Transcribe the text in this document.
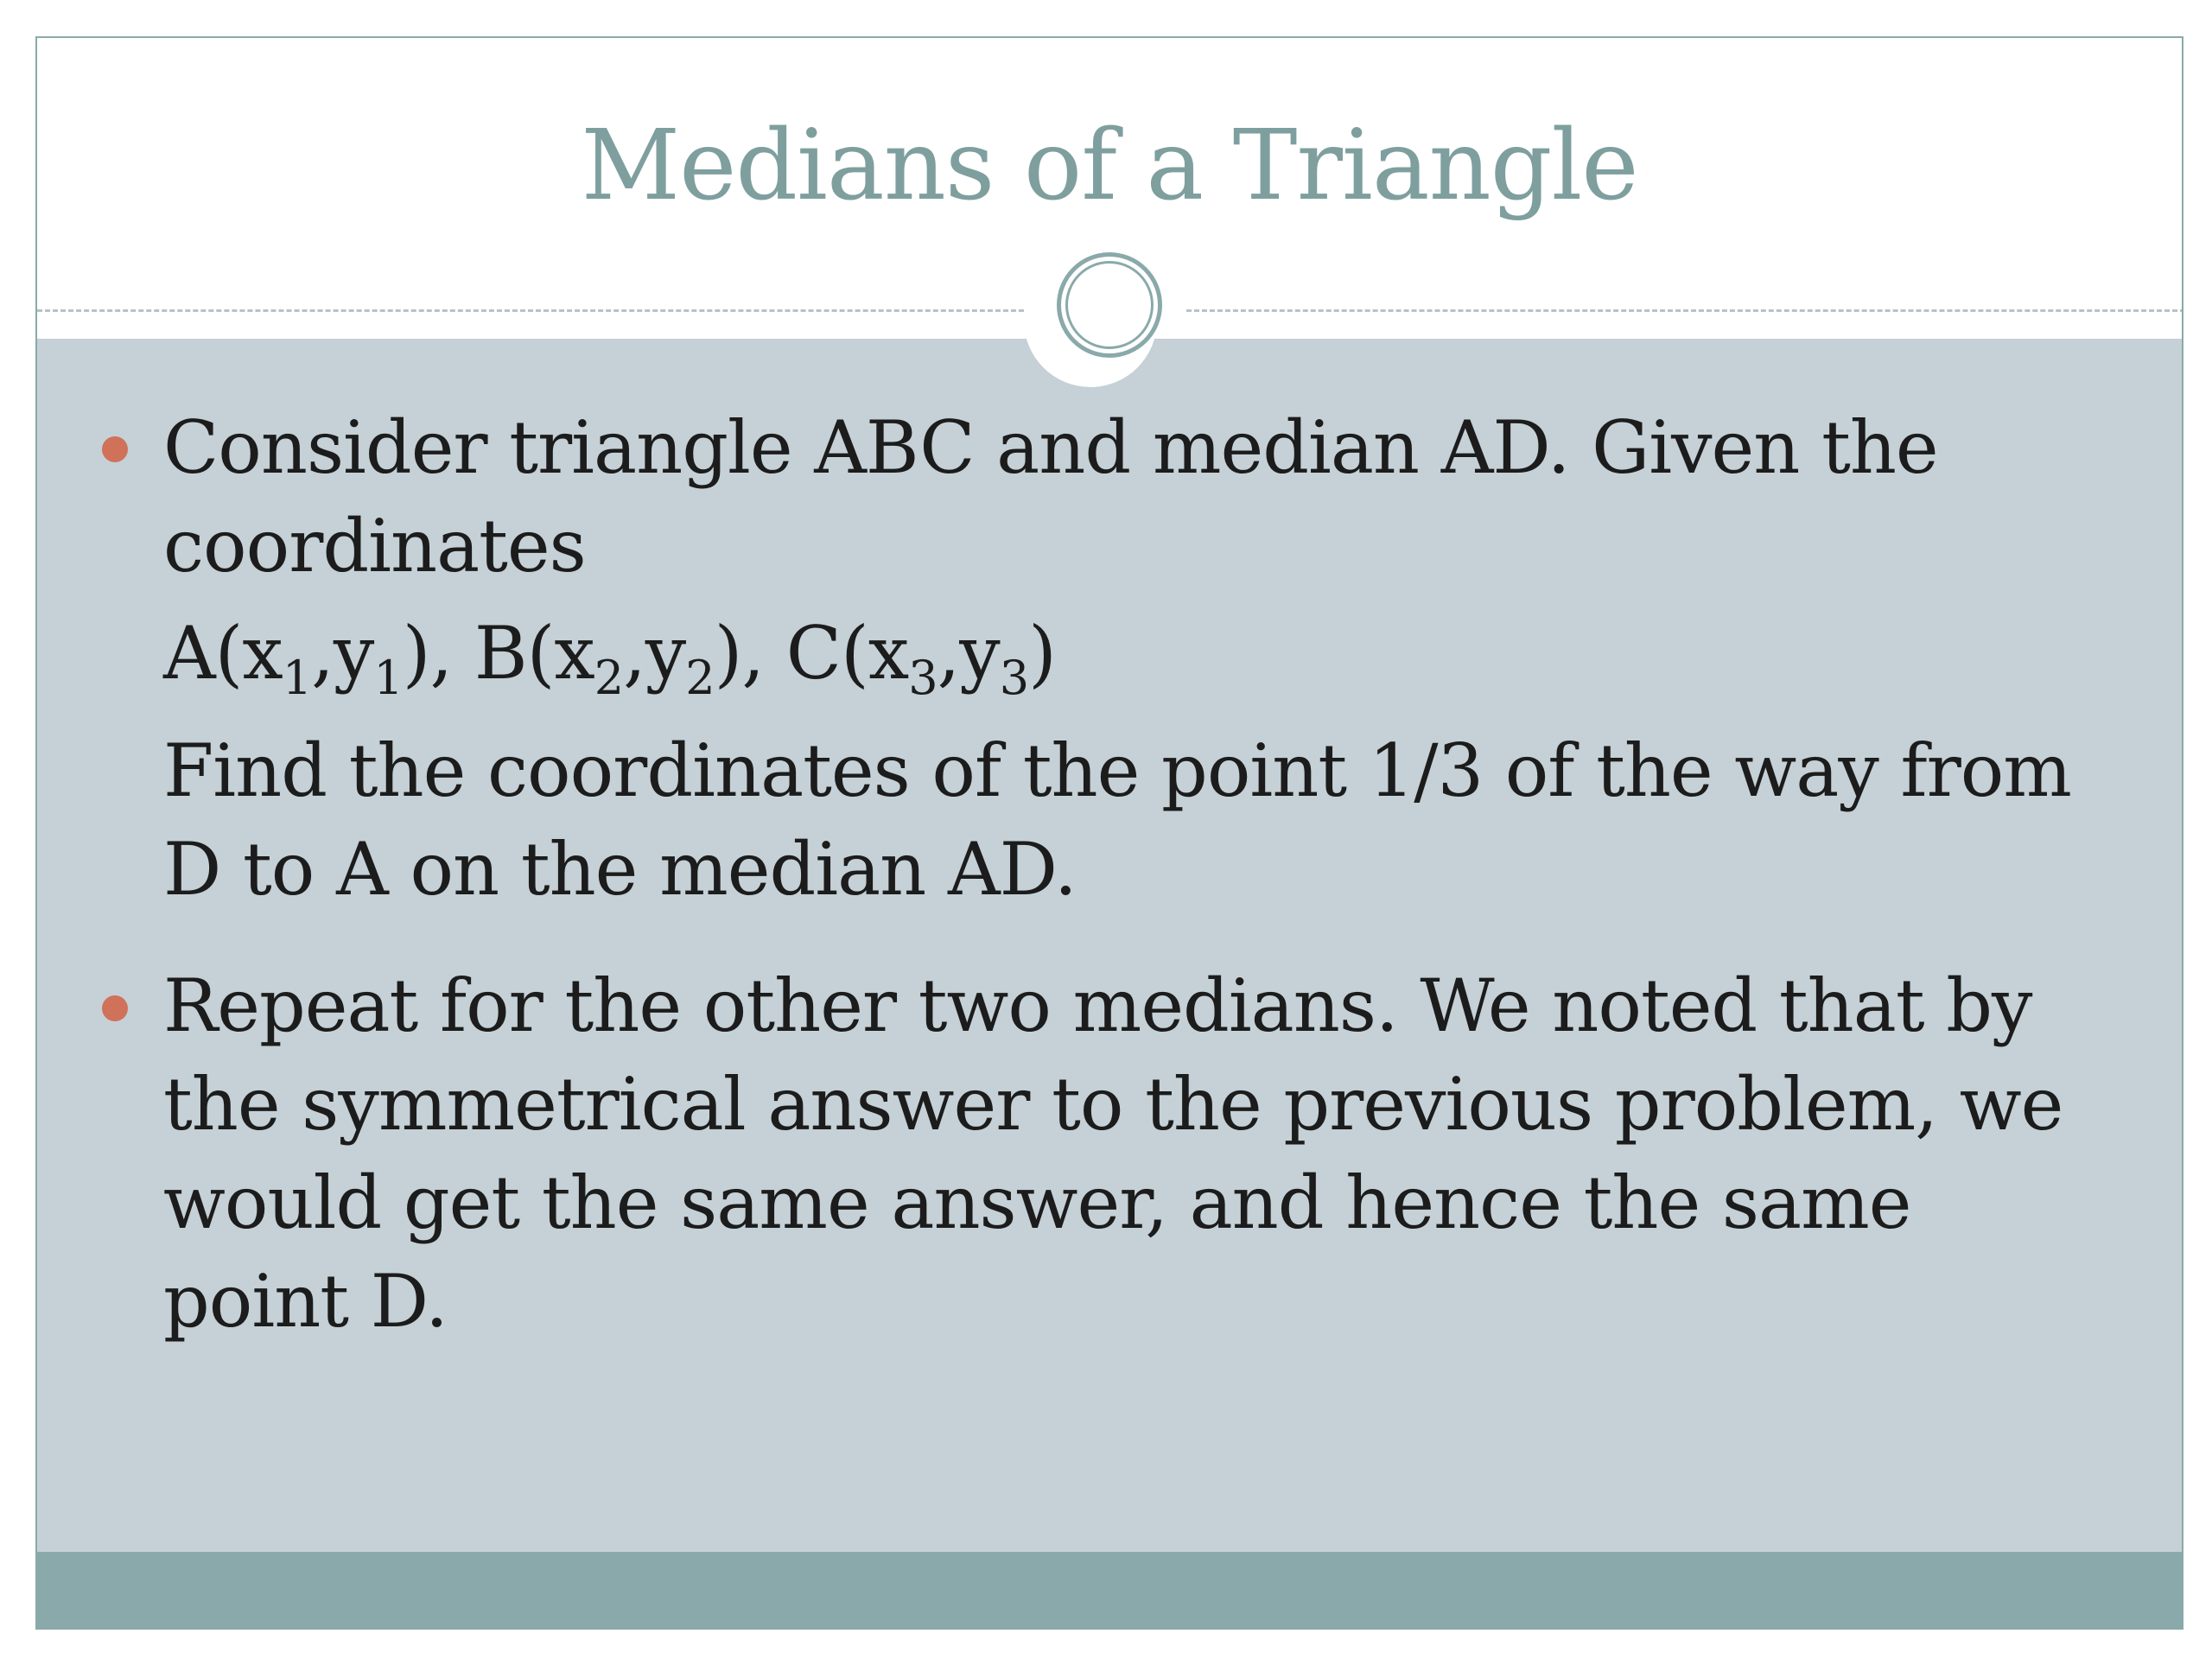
Medians of a Triangle
Consider triangle ABC and median AD. Given the
coordinates
$A(x_1,y_1)$, $B(x_2,y_2)$, $C(x_3,y_3)$
Find the coordinates of the point 1/3 of the way from
D to A on the median AD.
Repeat for the other two medians. We noted that by
the symmetrical answer to the previous problem, we
would get the same answer, and hence the same
point D.
